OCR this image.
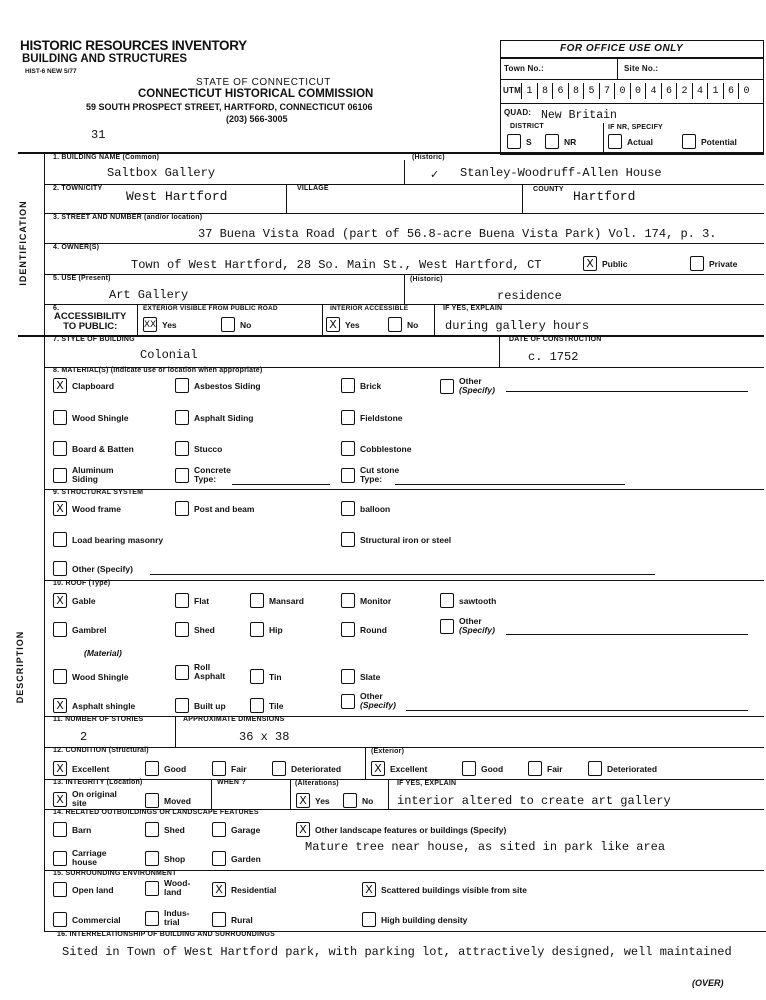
HISTORIC RESOURCES INVENTORY
BUILDING AND STRUCTURES
HIST-6 NEW 5/77
STATE OF CONNECTICUT
CONNECTICUT HISTORICAL COMMISSION
59 SOUTH PROSPECT STREET, HARTFORD, CONNECTICUT 06106
(203) 566-3005
31
FOR OFFICE USE ONLY
Town No.:	Site No.:
UTM 1 8 6 8 5 7 0 0 4 6 2 4 1 6 0
QUAD: New Britain
DISTRICT	IF NR, SPECIFY
S	NR	Actual	Potential
IDENTIFICATION
DESCRIPTION
1. BUILDING NAME (Common)	(Historic)
Saltbox Gallery	✓ Stanley-Woodruff-Allen House
2. TOWN/CITY
West Hartford
VILLAGE	COUNTY Hartford
3. STREET AND NUMBER (and/or location)
37 Buena Vista Road (part of 56.8-acre Buena Vista Park) Vol. 174, p. 3.
4. OWNER(S)
Town of West Hartford, 28 So. Main St., West Hartford, CT	X Public	Private
5. USE (Present)	(Historic)
Art Gallery	residence
6.
ACCESSIBILITY
TO PUBLIC:
EXTERIOR VISIBLE FROM PUBLIC ROAD
XX Yes	No
INTERIOR ACCESSIBLE
X Yes	No
IF YES, EXPLAIN
during gallery hours
7. STYLE OF BUILDING
Colonial
DATE OF CONSTRUCTION
c. 1752
8. MATERIAL(S) (Indicate use or location when appropriate)
X Clapboard	Asbestos Siding	Brick	Other
(Specify)
Wood Shingle	Asphalt Siding	Fieldstone
Board & Batten	Stucco	Cobblestone
Aluminum
Siding
Concrete
Type:
Cut stone
Type:
9. STRUCTURAL SYSTEM
X Wood frame	Post and beam	balloon
Load bearing masonry	Structural iron or steel
Other (Specify)
10. ROOF (Type)
X Gable	Flat	Mansard	Monitor	sawtooth
Gambrel	Shed	Hip	Round
Other
(Specify)
(Material)
Wood Shingle
Roll
Asphalt	Tin	Slate
X Asphalt shingle	Built up	Tile
Other
(Specify)
11. NUMBER OF STORIES
2
APPROXIMATE DIMENSIONS
36 x 38
12. CONDITION (Structural)	(Exterior)
X Excellent	Good	Fair	Deteriorated	X Excellent	Good	Fair	Deteriorated
13. INTEGRITY (Location)	WHEN ?	(Alterations)	IF YES, EXPLAIN
X On original
site	Moved	X Yes	No interior altered to create art gallery
14. RELATED OUTBUILDINGS OR LANDSCAPE FEATURES
Barn	Shed	Garage	X Other landscape features or buildings (Specify)
Mature tree near house, as sited in park like area
Carriage
house	Shop	Garden
15. SURROUNDING ENVIRONMENT
Open land
Wood-
land	X Residential	X Scattered buildings visible from site
Commercial
Indus-
trial	Rural	High building density
16. INTERRELATIONSHIP OF BUILDING AND SURROUNDINGS
Sited in Town of West Hartford park, with parking lot, attractively designed, well maintained
(OVER)
